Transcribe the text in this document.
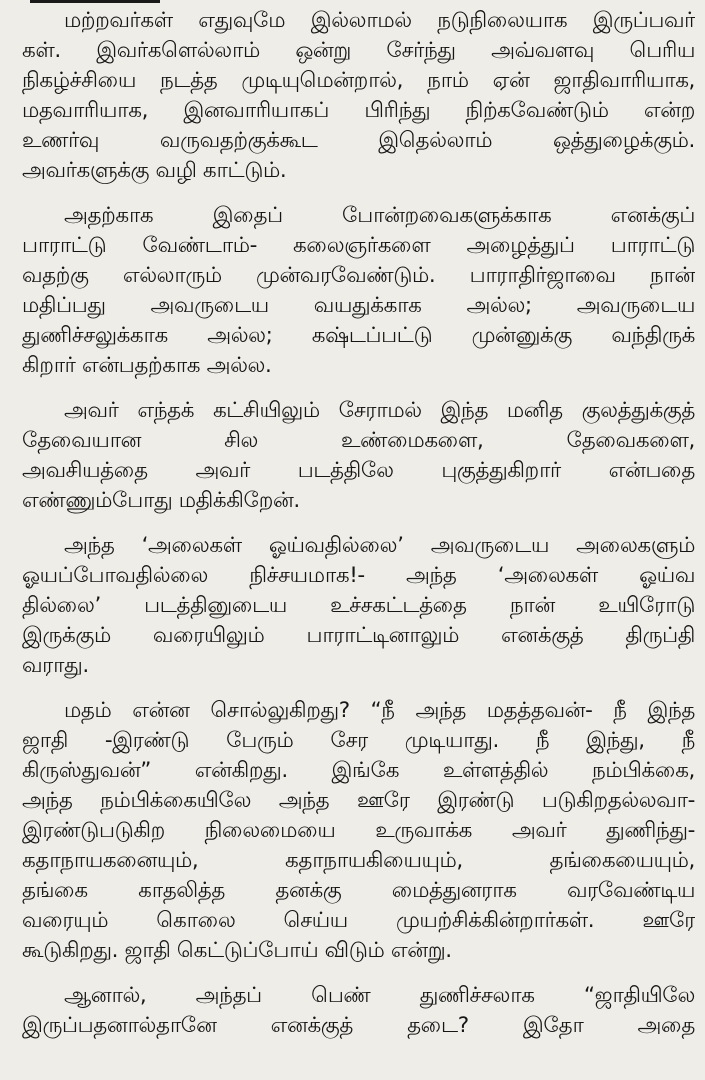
மற்றவர்கள் எதுவுமே இல்லாமல் நடுநிலையாக இருப்பவர்
கள். இவர்களெல்லாம் ஒன்று சேர்ந்து அவ்வளவு பெரிய
நிகழ்ச்சியை நடத்த முடியுமென்றால், நாம் ஏன் ஜாதிவாரியாக,
மதவாரியாக, இனவாரியாகப் பிரிந்து நிற்கவேண்டும் என்ற
உணர்வு வருவதற்குக்கூட இதெல்லாம் ஒத்துழைக்கும்.
அவர்களுக்கு வழி காட்டும்.
அதற்காக இதைப் போன்றவைகளுக்காக எனக்குப்
பாராட்டு வேண்டாம்- கலைஞர்களை அழைத்துப் பாராட்டு
வதற்கு எல்லாரும் முன்வரவேண்டும். பாராதிர்ஜாவை நான்
மதிப்பது அவருடைய வயதுக்காக அல்ல; அவருடைய
துணிச்சலுக்காக அல்ல; கஷ்டப்பட்டு முன்னுக்கு வந்திருக்
கிறார் என்பதற்காக அல்ல.
அவர் எந்தக் கட்சியிலும் சேராமல் இந்த மனித குலத்துக்குத்
தேவையான சில உண்மைகளை, தேவைகளை,
அவசியத்தை அவர் படத்திலே புகுத்துகிறார் என்பதை
எண்ணும்போது மதிக்கிறேன்.
அந்த ‘அலைகள் ஓய்வதில்லை’ அவருடைய அலைகளும்
ஓயப்போவதில்லை நிச்சயமாக!- அந்த ‘அலைகள் ஓய்வ
தில்லை’ படத்தினுடைய உச்சகட்டத்தை நான் உயிரோடு
இருக்கும் வரையிலும் பாராட்டினாலும் எனக்குத் திருப்தி
வராது.
மதம் என்ன சொல்லுகிறது? “நீ அந்த மதத்தவன்- நீ இந்த
ஜாதி -இரண்டு பேரும் சேர முடியாது. நீ இந்து, நீ
கிருஸ்துவன்” என்கிறது. இங்கே உள்ளத்தில் நம்பிக்கை,
அந்த நம்பிக்கையிலே அந்த ஊரே இரண்டு படுகிறதல்லவா-
இரண்டுபடுகிற நிலைமையை உருவாக்க அவர் துணிந்து-
கதாநாயகனையும், கதாநாயகியையும், தங்கையையும்,
தங்கை காதலித்த தனக்கு மைத்துனராக வரவேண்டிய
வரையும் கொலை செய்ய முயற்சிக்கின்றார்கள். ஊரே
கூடுகிறது. ஜாதி கெட்டுப்போய் விடும் என்று.
ஆனால், அந்தப் பெண் துணிச்சலாக “ஜாதியிலே
இருப்பதனால்தானே எனக்குத் தடை? இதோ அதை
